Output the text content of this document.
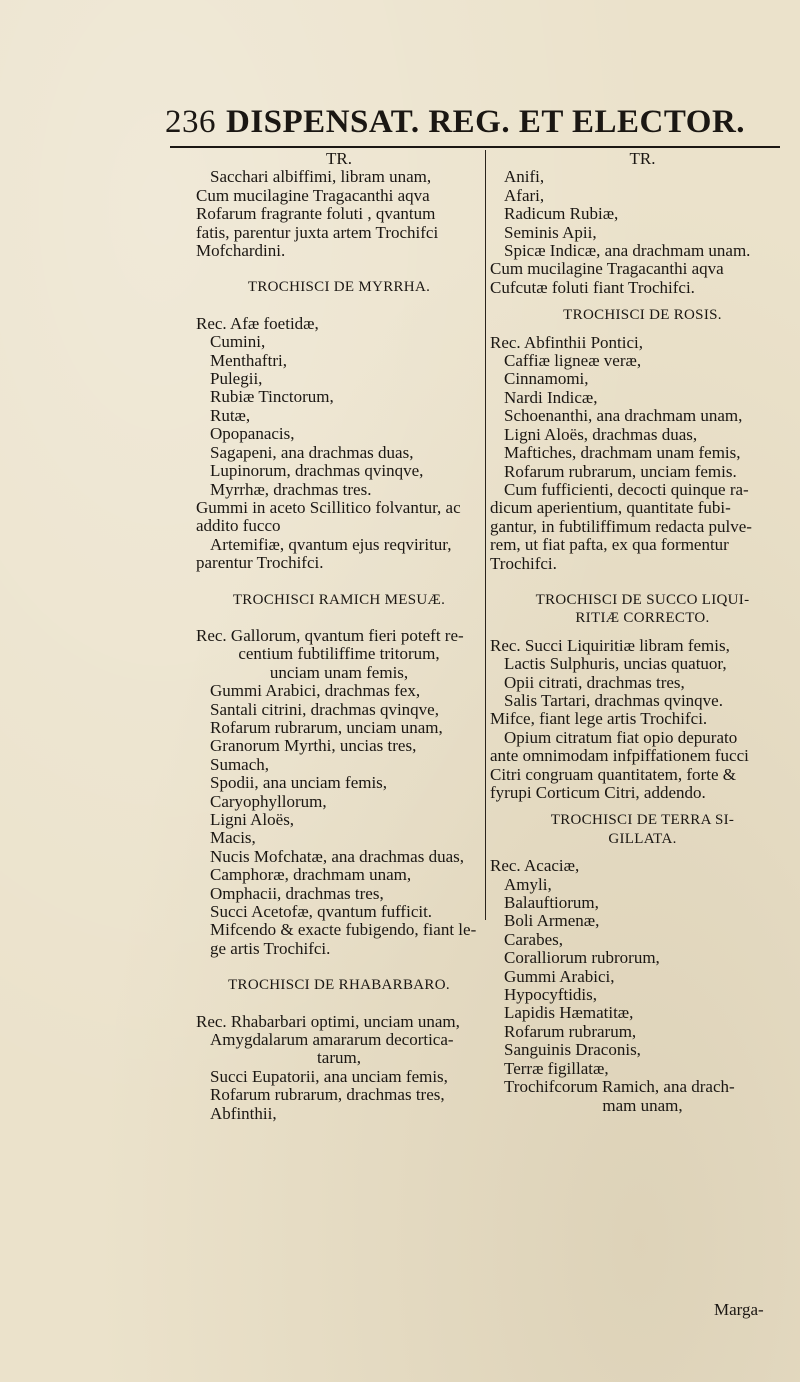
236 DISPENSAT. REG. ET ELECTOR.

TR.

Sacchari albiffimi, libram unam,

Cum mucilagine Tragacanthi aqva

Rofarum fragrante foluti , qvantum

fatis, parentur juxta artem Trochifci

Mofchardini.

TROCHISCI DE MYRRHA.

Rec. Afæ foetidæ,

Cumini,

Menthaftri,

Pulegii,

Rubiæ Tinctorum,

Rutæ,

Opopanacis,

Sagapeni, ana drachmas duas,

Lupinorum, drachmas qvinqve,

Myrrhæ, drachmas tres.

Gummi in aceto Scillitico folvantur, ac

addito fucco

Artemifiæ, qvantum ejus reqviritur,

parentur Trochifci.

TROCHISCI RAMICH MESUÆ.

Rec. Gallorum, qvantum fieri poteft re-

centium fubtiliffime tritorum,

unciam unam femis,

Gummi Arabici, drachmas fex,

Santali citrini, drachmas qvinqve,

Rofarum rubrarum, unciam unam,

Granorum Myrthi, uncias tres,

Sumach,

Spodii, ana unciam femis,

Caryophyllorum,

Ligni Aloës,

Macis,

Nucis Mofchatæ, ana drachmas duas,

Camphoræ, drachmam unam,

Omphacii, drachmas tres,

Succi Acetofæ, qvantum fufficit.

Mifcendo & exacte fubigendo, fiant le-

ge artis Trochifci.

TROCHISCI DE RHABARBARO.

Rec. Rhabarbari optimi, unciam unam,

Amygdalarum amararum decortica-

tarum,

Succi Eupatorii, ana unciam femis,

Rofarum rubrarum, drachmas tres,

Abfinthii,

TR.

Anifi,

Afari,

Radicum Rubiæ,

Seminis Apii,

Spicæ Indicæ, ana drachmam unam.

Cum mucilagine Tragacanthi aqva

Cufcutæ foluti fiant Trochifci.

TROCHISCI DE ROSIS.

Rec. Abfinthii Pontici,

Caffiæ ligneæ veræ,

Cinnamomi,

Nardi Indicæ,

Schoenanthi, ana drachmam unam,

Ligni Aloës, drachmas duas,

Maftiches, drachmam unam femis,

Rofarum rubrarum, unciam femis.

Cum fufficienti, decocti quinque ra-

dicum aperientium, quantitate fubi-

gantur, in fubtiliffimum redacta pulve-

rem, ut fiat pafta, ex qua formentur

Trochifci.

TROCHISCI DE SUCCO LIQUI-

RITIÆ CORRECTO.

Rec. Succi Liquiritiæ libram femis,

Lactis Sulphuris, uncias quatuor,

Opii citrati, drachmas tres,

Salis Tartari, drachmas qvinqve.

Mifce, fiant lege artis Trochifci.

Opium citratum fiat opio depurato

ante omnimodam infpiffationem fucci

Citri congruam quantitatem, forte &

fyrupi Corticum Citri, addendo.

TROCHISCI DE TERRA SI-

GILLATA.

Rec. Acaciæ,

Amyli,

Balauftiorum,

Boli Armenæ,

Carabes,

Coralliorum rubrorum,

Gummi Arabici,

Hypocyftidis,

Lapidis Hæmatitæ,

Rofarum rubrarum,

Sanguinis Draconis,

Terræ figillatæ,

Trochifcorum Ramich, ana drach-

mam unam,

Marga-
